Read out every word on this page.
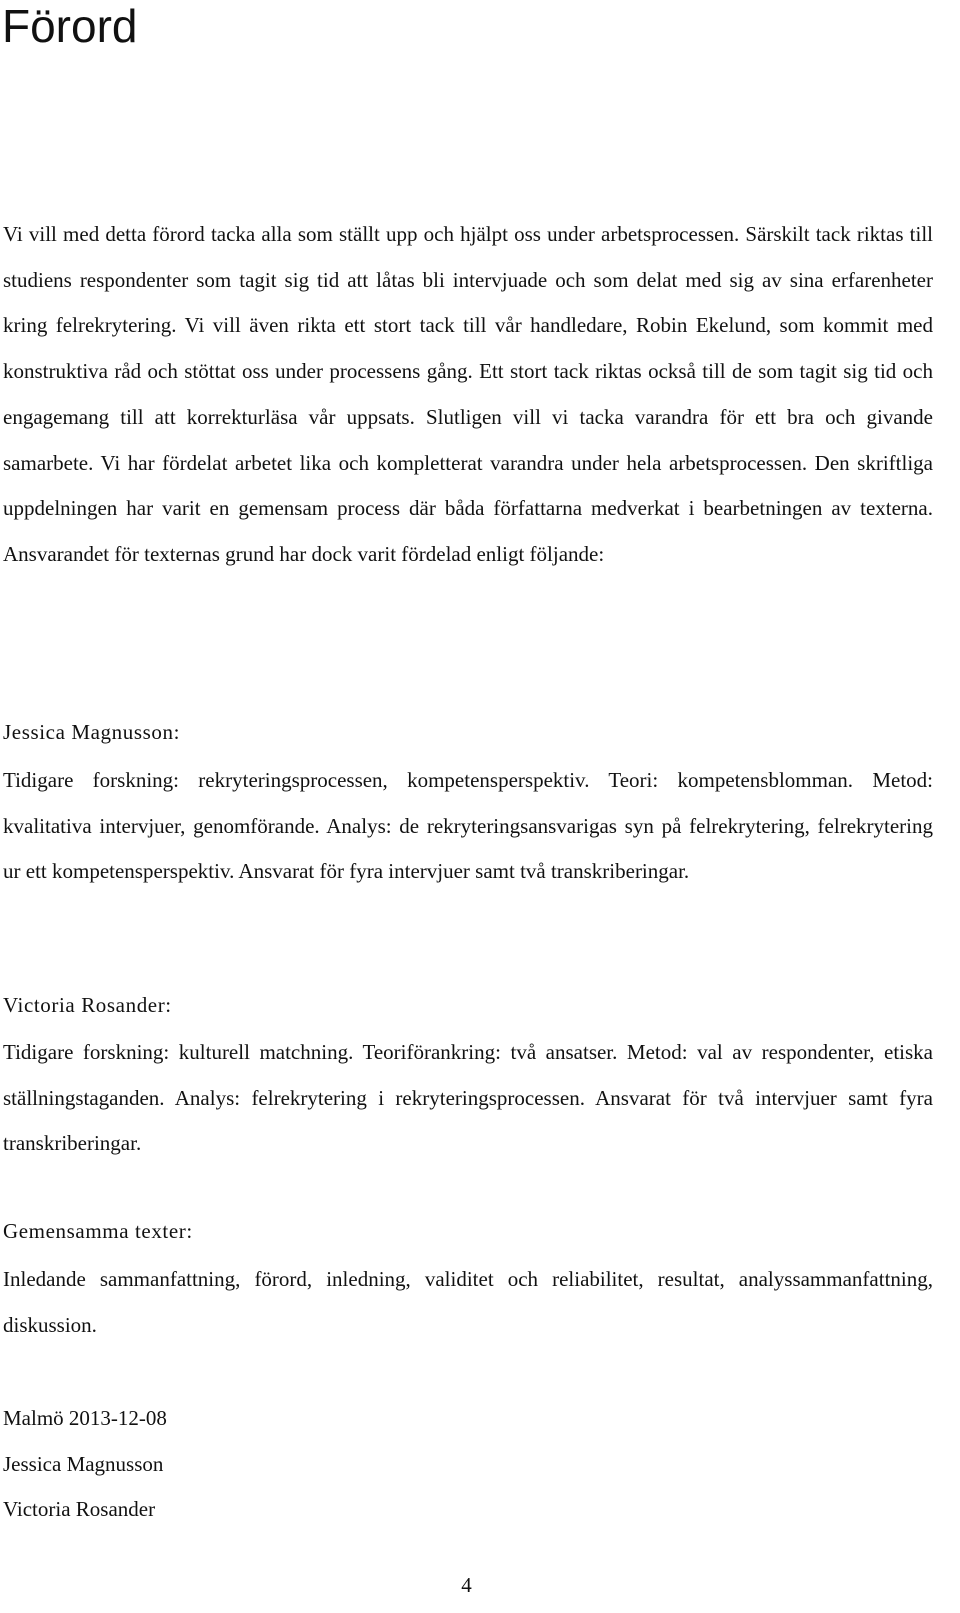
Förord

Vi vill med detta förord tacka alla som ställt upp och hjälpt oss under arbetsprocessen. Särskilt tack riktas till studiens respondenter som tagit sig tid att låtas bli intervjuade och som delat med sig av sina erfarenheter kring felrekrytering. Vi vill även rikta ett stort tack till vår handledare, Robin Ekelund, som kommit med konstruktiva råd och stöttat oss under processens gång. Ett stort tack riktas också till de som tagit sig tid och engagemang till att korrekturläsa vår uppsats. Slutligen vill vi tacka varandra för ett bra och givande samarbete. Vi har fördelat arbetet lika och kompletterat varandra under hela arbetsprocessen. Den skriftliga uppdelningen har varit en gemensam process där båda författarna medverkat i bearbetningen av texterna. Ansvarandet för texternas grund har dock varit fördelad enligt följande:

Jessica Magnusson:

Tidigare forskning: rekryteringsprocessen, kompetensperspektiv. Teori: kompetensblomman. Metod: kvalitativa intervjuer, genomförande. Analys: de rekryteringsansvarigas syn på felrekrytering, felrekrytering ur ett kompetensperspektiv. Ansvarat för fyra intervjuer samt två transkriberingar.

Victoria Rosander:

Tidigare forskning: kulturell matchning. Teoriförankring: två ansatser. Metod: val av respondenter, etiska ställningstaganden. Analys: felrekrytering i rekryteringsprocessen. Ansvarat för två intervjuer samt fyra transkriberingar.

Gemensamma texter:

Inledande sammanfattning, förord, inledning, validitet och reliabilitet, resultat, analyssammanfattning, diskussion.

Malmö 2013-12-08
Jessica Magnusson
Victoria Rosander
4
